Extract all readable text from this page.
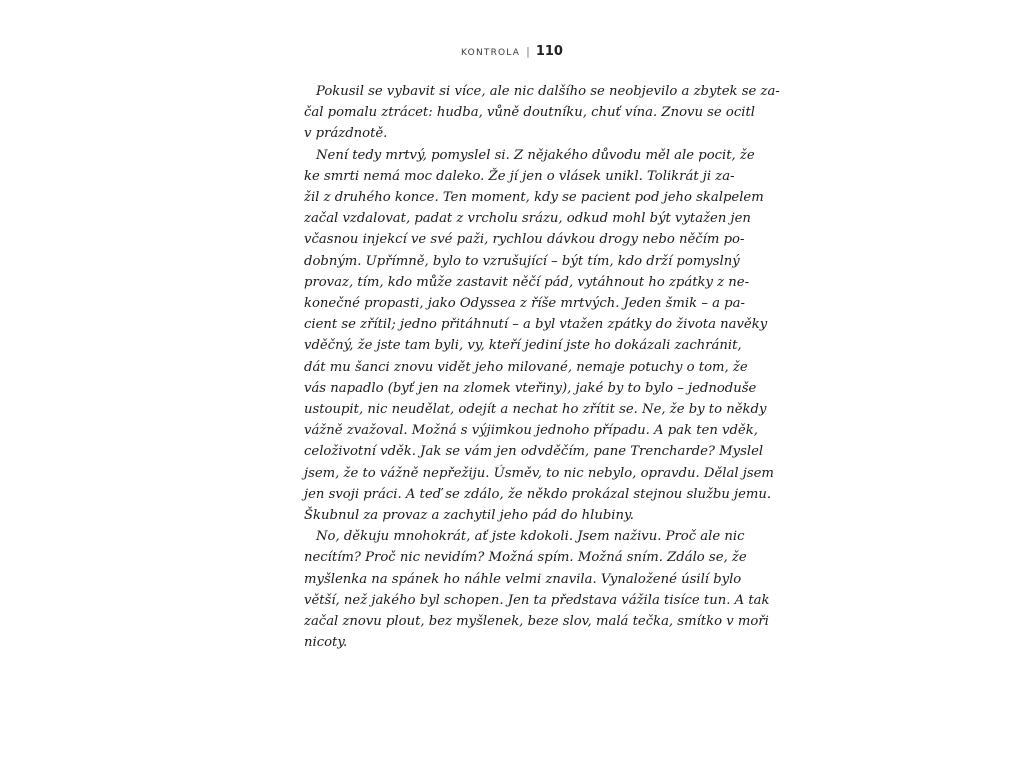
KONTROLA | 110
Pokusil se vybavit si více, ale nic dalšího se neobjevilo a zbytek se za-
čal pomalu ztrácet: hudba, vůně doutníku, chuť vína. Znovu se ocitl
v prázdnotě.
Není tedy mrtvý, pomyslel si. Z nějakého důvodu měl ale pocit, že
ke smrti nemá moc daleko. Že jí jen o vlásek unikl. Tolikrát ji za-
žil z druhého konce. Ten moment, kdy se pacient pod jeho skalpelem
začal vzdalovat, padat z vrcholu srázu, odkud mohl být vytažen jen
včasnou injekcí ve své paži, rychlou dávkou drogy nebo něčím po-
dobným. Upřímně, bylo to vzrušující – být tím, kdo drží pomyslný
provaz, tím, kdo může zastavit něčí pád, vytáhnout ho zpátky z ne-
konečné propasti, jako Odyssea z říše mrtvých. Jeden šmik – a pa-
cient se zřítil; jedno přitáhnutí – a byl vtažen zpátky do života navěky
vděčný, že jste tam byli, vy, kteří jediní jste ho dokázali zachránit,
dát mu šanci znovu vidět jeho milované, nemaje potuchy o tom, že
vás napadlo (byť jen na zlomek vteřiny), jaké by to bylo – jednoduše
ustoupit, nic neudělat, odejít a nechat ho zřítit se. Ne, že by to někdy
vážně zvažoval. Možná s výjimkou jednoho případu. A pak ten vděk,
celoživotní vděk. Jak se vám jen odvděčím, pane Trencharde? Myslel
jsem, že to vážně nepřežiju. Úsměv, to nic nebylo, opravdu. Dělal jsem
jen svoji práci. A teď se zdálo, že někdo prokázal stejnou službu jemu.
Škubnul za provaz a zachytil jeho pád do hlubiny.
No, děkuju mnohokrát, ať jste kdokoli. Jsem naživu. Proč ale nic
necítím? Proč nic nevidím? Možná spím. Možná sním. Zdálo se, že
myšlenka na spánek ho náhle velmi znavila. Vynaložené úsilí bylo
větší, než jakého byl schopen. Jen ta představa vážila tisíce tun. A tak
začal znovu plout, bez myšlenek, beze slov, malá tečka, smítko v moři
nicoty.
